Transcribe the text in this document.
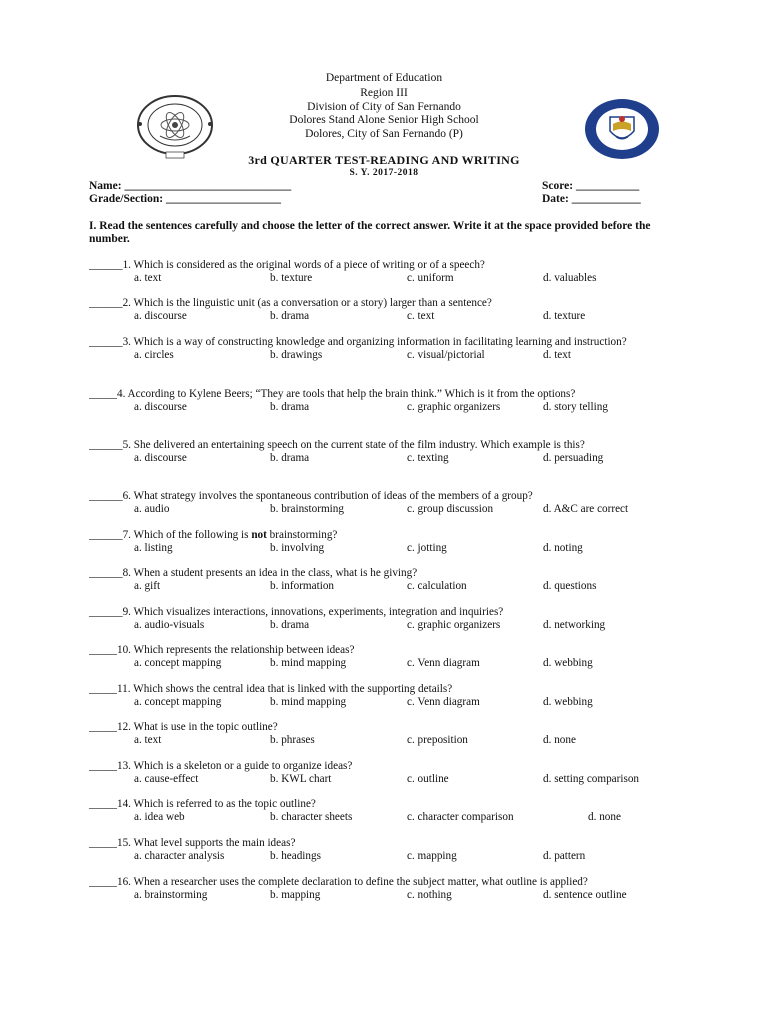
Department of Education
Region III
Division of City of San Fernando
Dolores Stand Alone Senior High School
Dolores, City of San Fernando (P)
3rd QUARTER TEST-READING AND WRITING
S. Y. 2017-2018
Name: _____________________________
Grade/Section: ____________________
Score: ___________
Date: ____________
I. Read the sentences carefully and choose the letter of the correct answer. Write it at the space provided before the number.
______1. Which is considered as the original words of a piece of writing or of a speech?
a. text	b. texture	c. uniform	d. valuables
______2. Which is the linguistic unit (as a conversation or a story) larger than a sentence?
a. discourse	b. drama	c. text	d. texture
______3. Which is a way of constructing knowledge and organizing information in facilitating learning and instruction?
a. circles	b. drawings	c. visual/pictorial	d. text
_____4. According to Kylene Beers; “They are tools that help the brain think.” Which is it from the options?
a. discourse	b. drama	c. graphic organizers	d. story telling
______5. She delivered an entertaining speech on the current state of the film industry. Which example is this?
a. discourse	b. drama	c. texting	d. persuading
______6. What strategy involves the spontaneous contribution of ideas of the members of a group?
a. audio	b. brainstorming	c. group discussion	d. A&C are correct
______7. Which of the following is not brainstorming?
a. listing	b. involving	c. jotting	d. noting
______8. When a student presents an idea in the class, what is he giving?
a. gift	b. information	c. calculation	d. questions
______9. Which visualizes interactions, innovations, experiments, integration and inquiries?
a. audio-visuals	b. drama	c. graphic organizers	d. networking
_____10. Which represents the relationship between ideas?
a. concept mapping	b. mind mapping	c. Venn diagram	d. webbing
_____11. Which shows the central idea that is linked with the supporting details?
a. concept mapping	b. mind mapping	c. Venn diagram	d. webbing
_____12. What is use in the topic outline?
a. text	b. phrases	c. preposition	d. none
_____13. Which is a skeleton or a guide to organize ideas?
a. cause-effect	b. KWL chart	c. outline	d. setting comparison
_____14. Which is referred to as the topic outline?
a. idea web	b. character sheets	c. character comparison	d. none
_____15. What level supports the main ideas?
a. character analysis	b. headings	c. mapping	d. pattern
_____16. When a researcher uses the complete declaration to define the subject matter, what outline is applied?
a. brainstorming	b. mapping	c. nothing	d. sentence outline
